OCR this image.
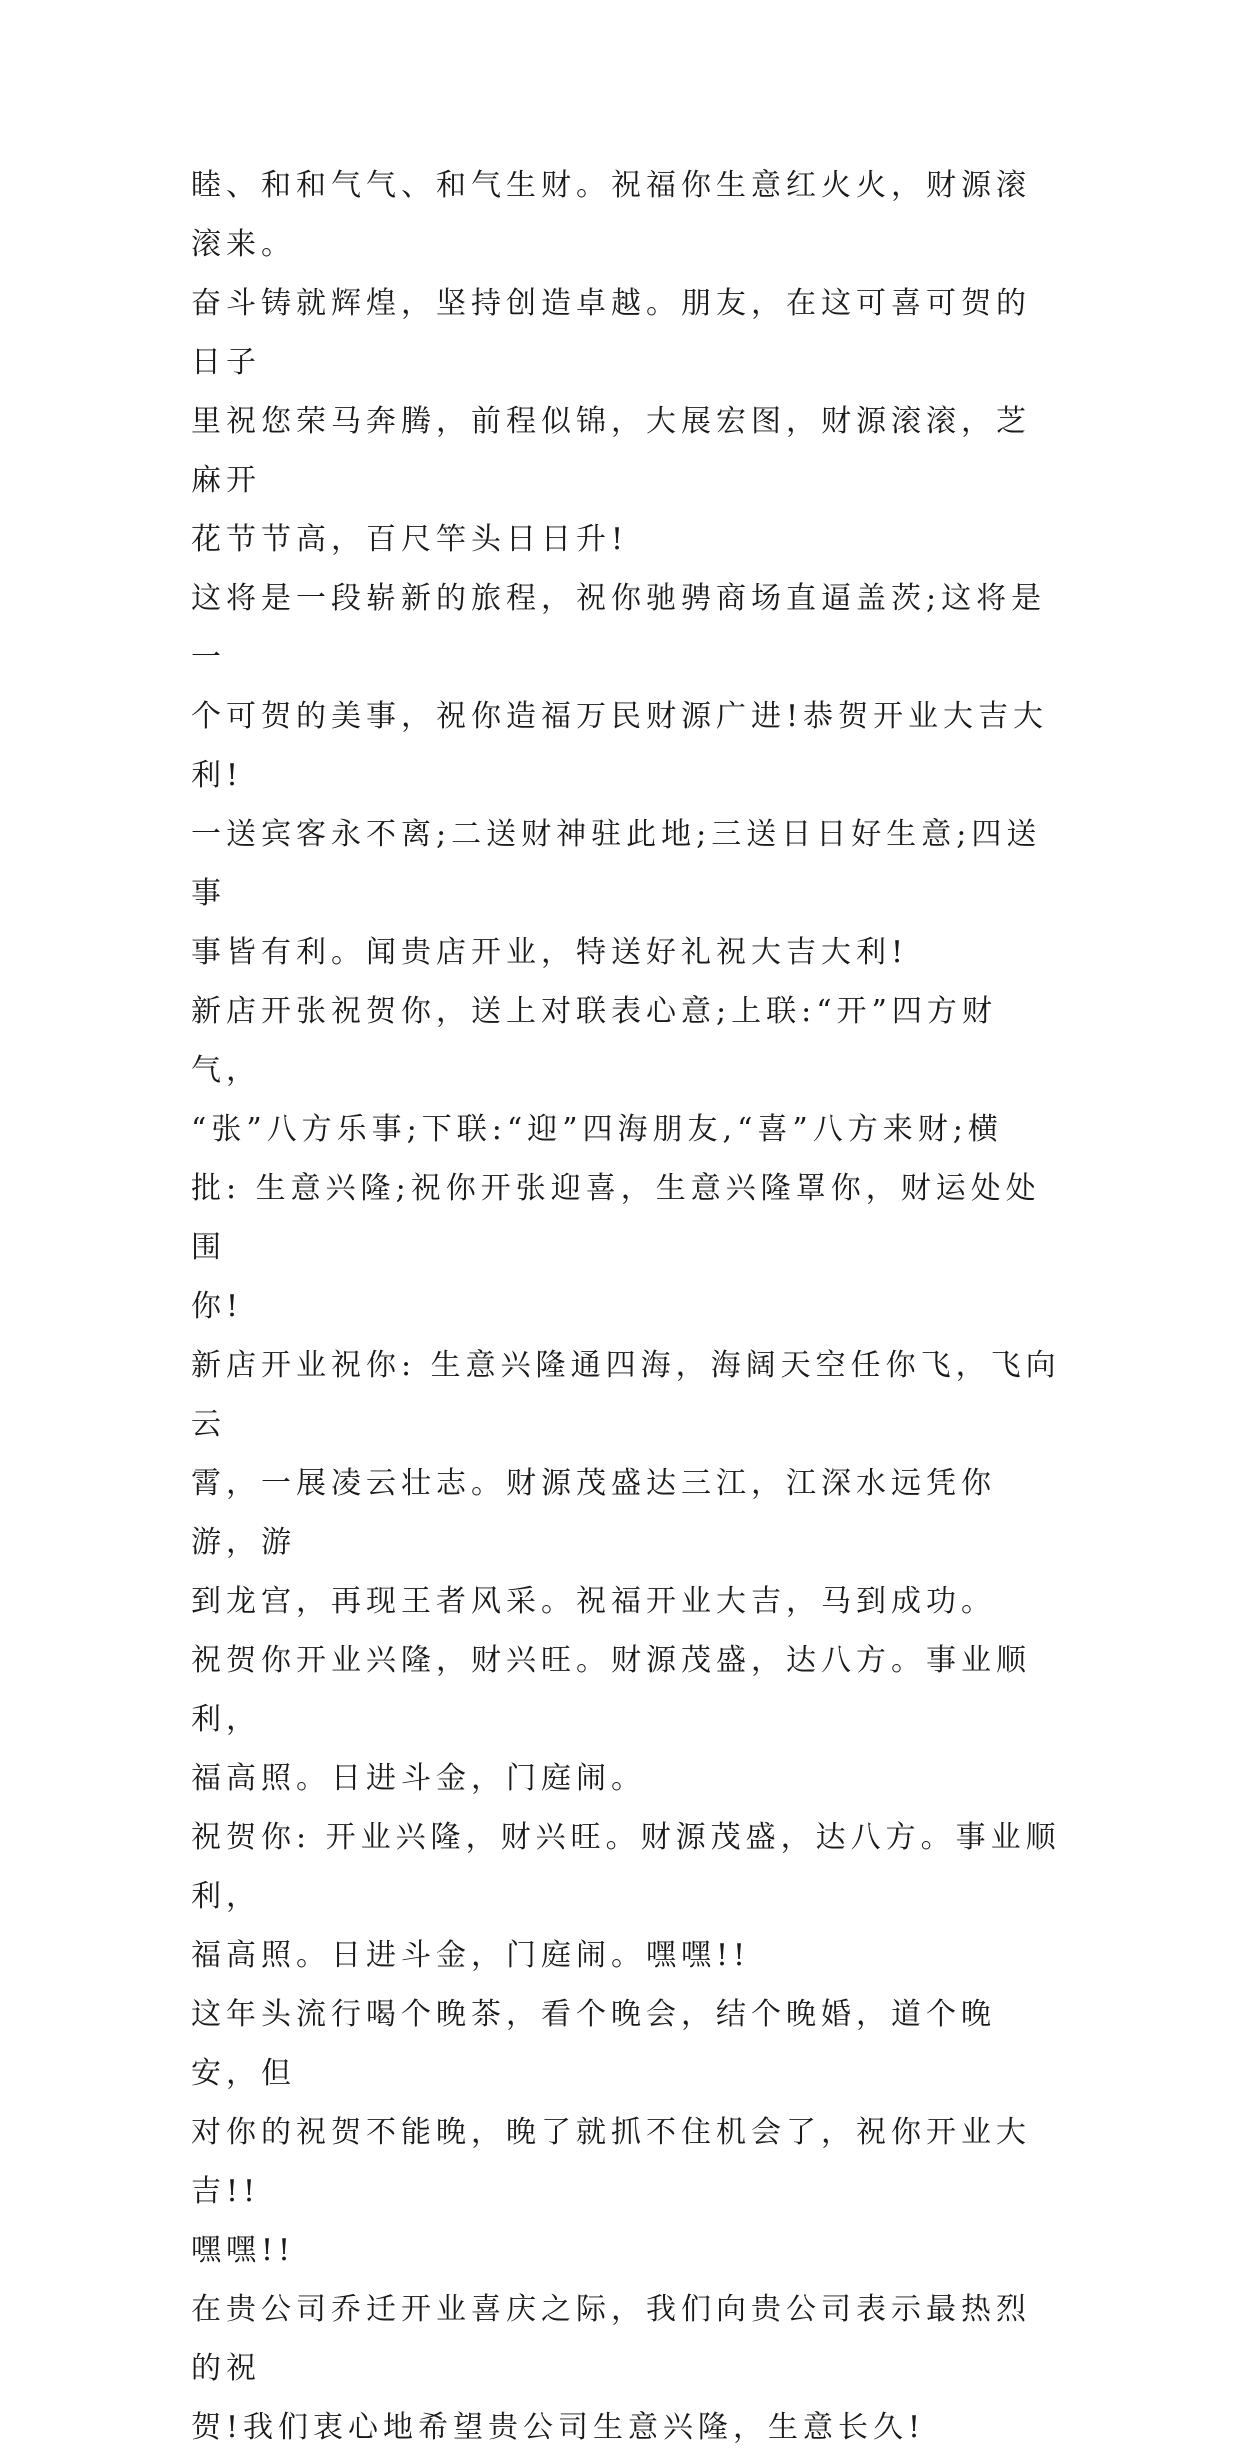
睦、和和气气、和气生财。祝福你生意红火火，财源滚滚来。
奋斗铸就辉煌，坚持创造卓越。朋友，在这可喜可贺的日子
里祝您荣马奔腾，前程似锦，大展宏图，财源滚滚，芝麻开
花节节高，百尺竿头日日升!

这将是一段崭新的旅程，祝你驰骋商场直逼盖茨;这将是一
个可贺的美事，祝你造福万民财源广进!恭贺开业大吉大利!

一送宾客永不离;二送财神驻此地;三送日日好生意;四送事
事皆有利。闻贵店开业，特送好礼祝大吉大利!

新店开张祝贺你，送上对联表心意;上联:“开”四方财气，
“张”八方乐事;下联:“迎”四海朋友,“喜”八方来财;横
批: 生意兴隆;祝你开张迎喜，生意兴隆罩你，财运处处围
你!

新店开业祝你: 生意兴隆通四海，海阔天空任你飞，飞向云
霄，一展凌云壮志。财源茂盛达三江，江深水远凭你游，游
到龙宫，再现王者风采。祝福开业大吉，马到成功。

祝贺你开业兴隆，财兴旺。财源茂盛，达八方。事业顺利，
福高照。日进斗金，门庭闹。

祝贺你: 开业兴隆，财兴旺。财源茂盛，达八方。事业顺利，
福高照。日进斗金，门庭闹。嘿嘿!!

这年头流行喝个晚茶，看个晚会，结个晚婚，道个晚安，但
对你的祝贺不能晚，晚了就抓不住机会了，祝你开业大吉!!
嘿嘿!!

在贵公司乔迁开业喜庆之际，我们向贵公司表示最热烈的祝
贺!我们衷心地希望贵公司生意兴隆，生意长久!
